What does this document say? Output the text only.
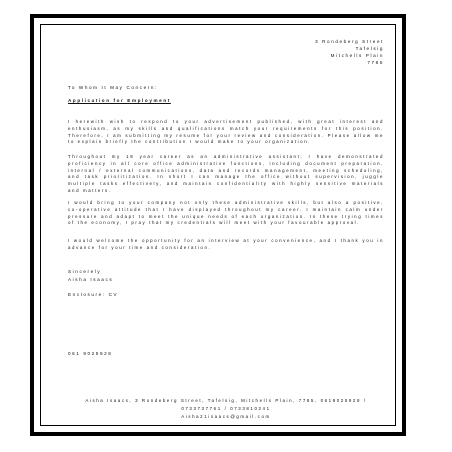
3 Rondeberg Street
Tafelsig
Mitchells Plain
7785
To Whom It May Concern:
Application for Employment
I herewith wish to respond to your advertisement published, with great interest and enthusiasm, as my skills and qualifications match your requirements for this position. Therefore, I am submitting my resume for your review and consideration. Please allow me to explain briefly the contribution I would make to your organization.
Throughout my 18 year career as an administrative assistant; I have demonstrated proficiency in all core office administrative functions, including document preparation, internal / external communications, data and records management, meeting scheduling, and task prioritization. In short I can manage the office without supervision, juggle multiple tasks effectively, and maintain confidentiality with highly sensitive materials and matters.
I would bring to your company not only these administrative skills, but also a positive, co-operative attitude that I have displayed throughout my career. I maintain calm under pressure and adapt to meet the unique needs of each organization. In these trying times of the economy, I pray that my credentials will meet with your favourable approval.
I would welcome the opportunity for an interview at your convenience, and I thank you in advance for your time and consideration.
Sincerely
Aisha Isaacs
Enclosure: CV
061 9025928
Aisha Isaacs, 3 Rondeberg Street, Tafelsig, Mitchells Plain, 7785, 0619025928 /
0733737761 / 0733810241
Aisha21isaacs@gmail.com
